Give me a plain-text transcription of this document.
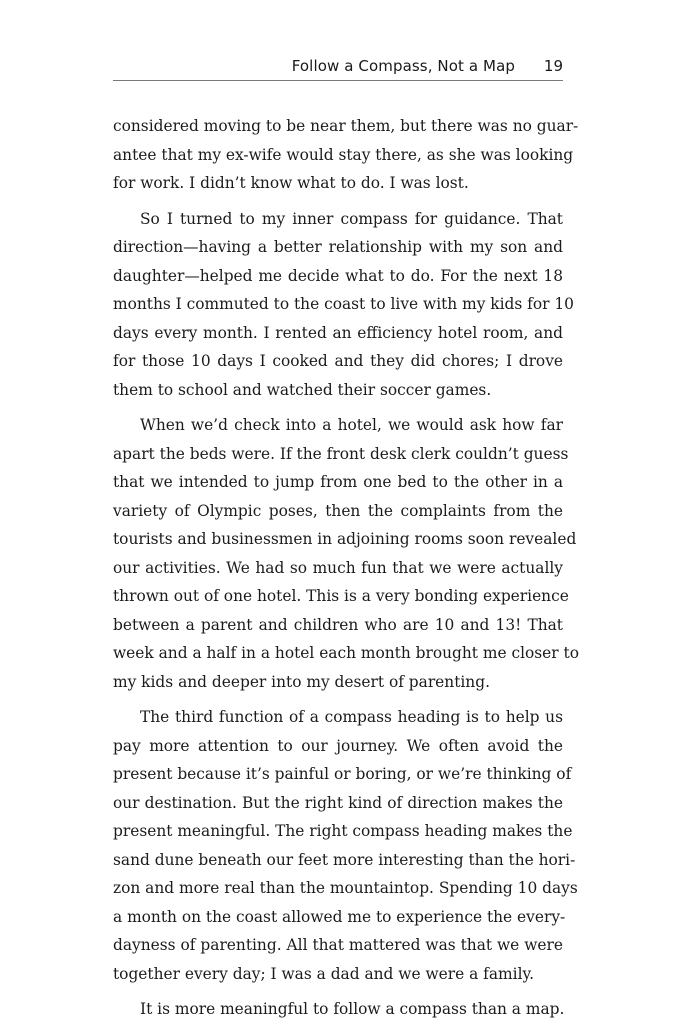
Follow a Compass, Not a Map 19

considered moving to be near them, but there was no guar-
antee that my ex-wife would stay there, as she was looking
for work. I didn’t know what to do. I was lost.

So I turned to my inner compass for guidance. That
direction—having a better relationship with my son and
daughter—helped me decide what to do. For the next 18
months I commuted to the coast to live with my kids for 10
days every month. I rented an efficiency hotel room, and
for those 10 days I cooked and they did chores; I drove
them to school and watched their soccer games.

When we’d check into a hotel, we would ask how far
apart the beds were. If the front desk clerk couldn’t guess
that we intended to jump from one bed to the other in a
variety of Olympic poses, then the complaints from the
tourists and businessmen in adjoining rooms soon revealed
our activities. We had so much fun that we were actually
thrown out of one hotel. This is a very bonding experience
between a parent and children who are 10 and 13! That
week and a half in a hotel each month brought me closer to
my kids and deeper into my desert of parenting.

The third function of a compass heading is to help us
pay more attention to our journey. We often avoid the
present because it’s painful or boring, or we’re thinking of
our destination. But the right kind of direction makes the
present meaningful. The right compass heading makes the
sand dune beneath our feet more interesting than the hori-
zon and more real than the mountaintop. Spending 10 days
a month on the coast allowed me to experience the every-
dayness of parenting. All that mattered was that we were
together every day; I was a dad and we were a family.

It is more meaningful to follow a compass than a map.
